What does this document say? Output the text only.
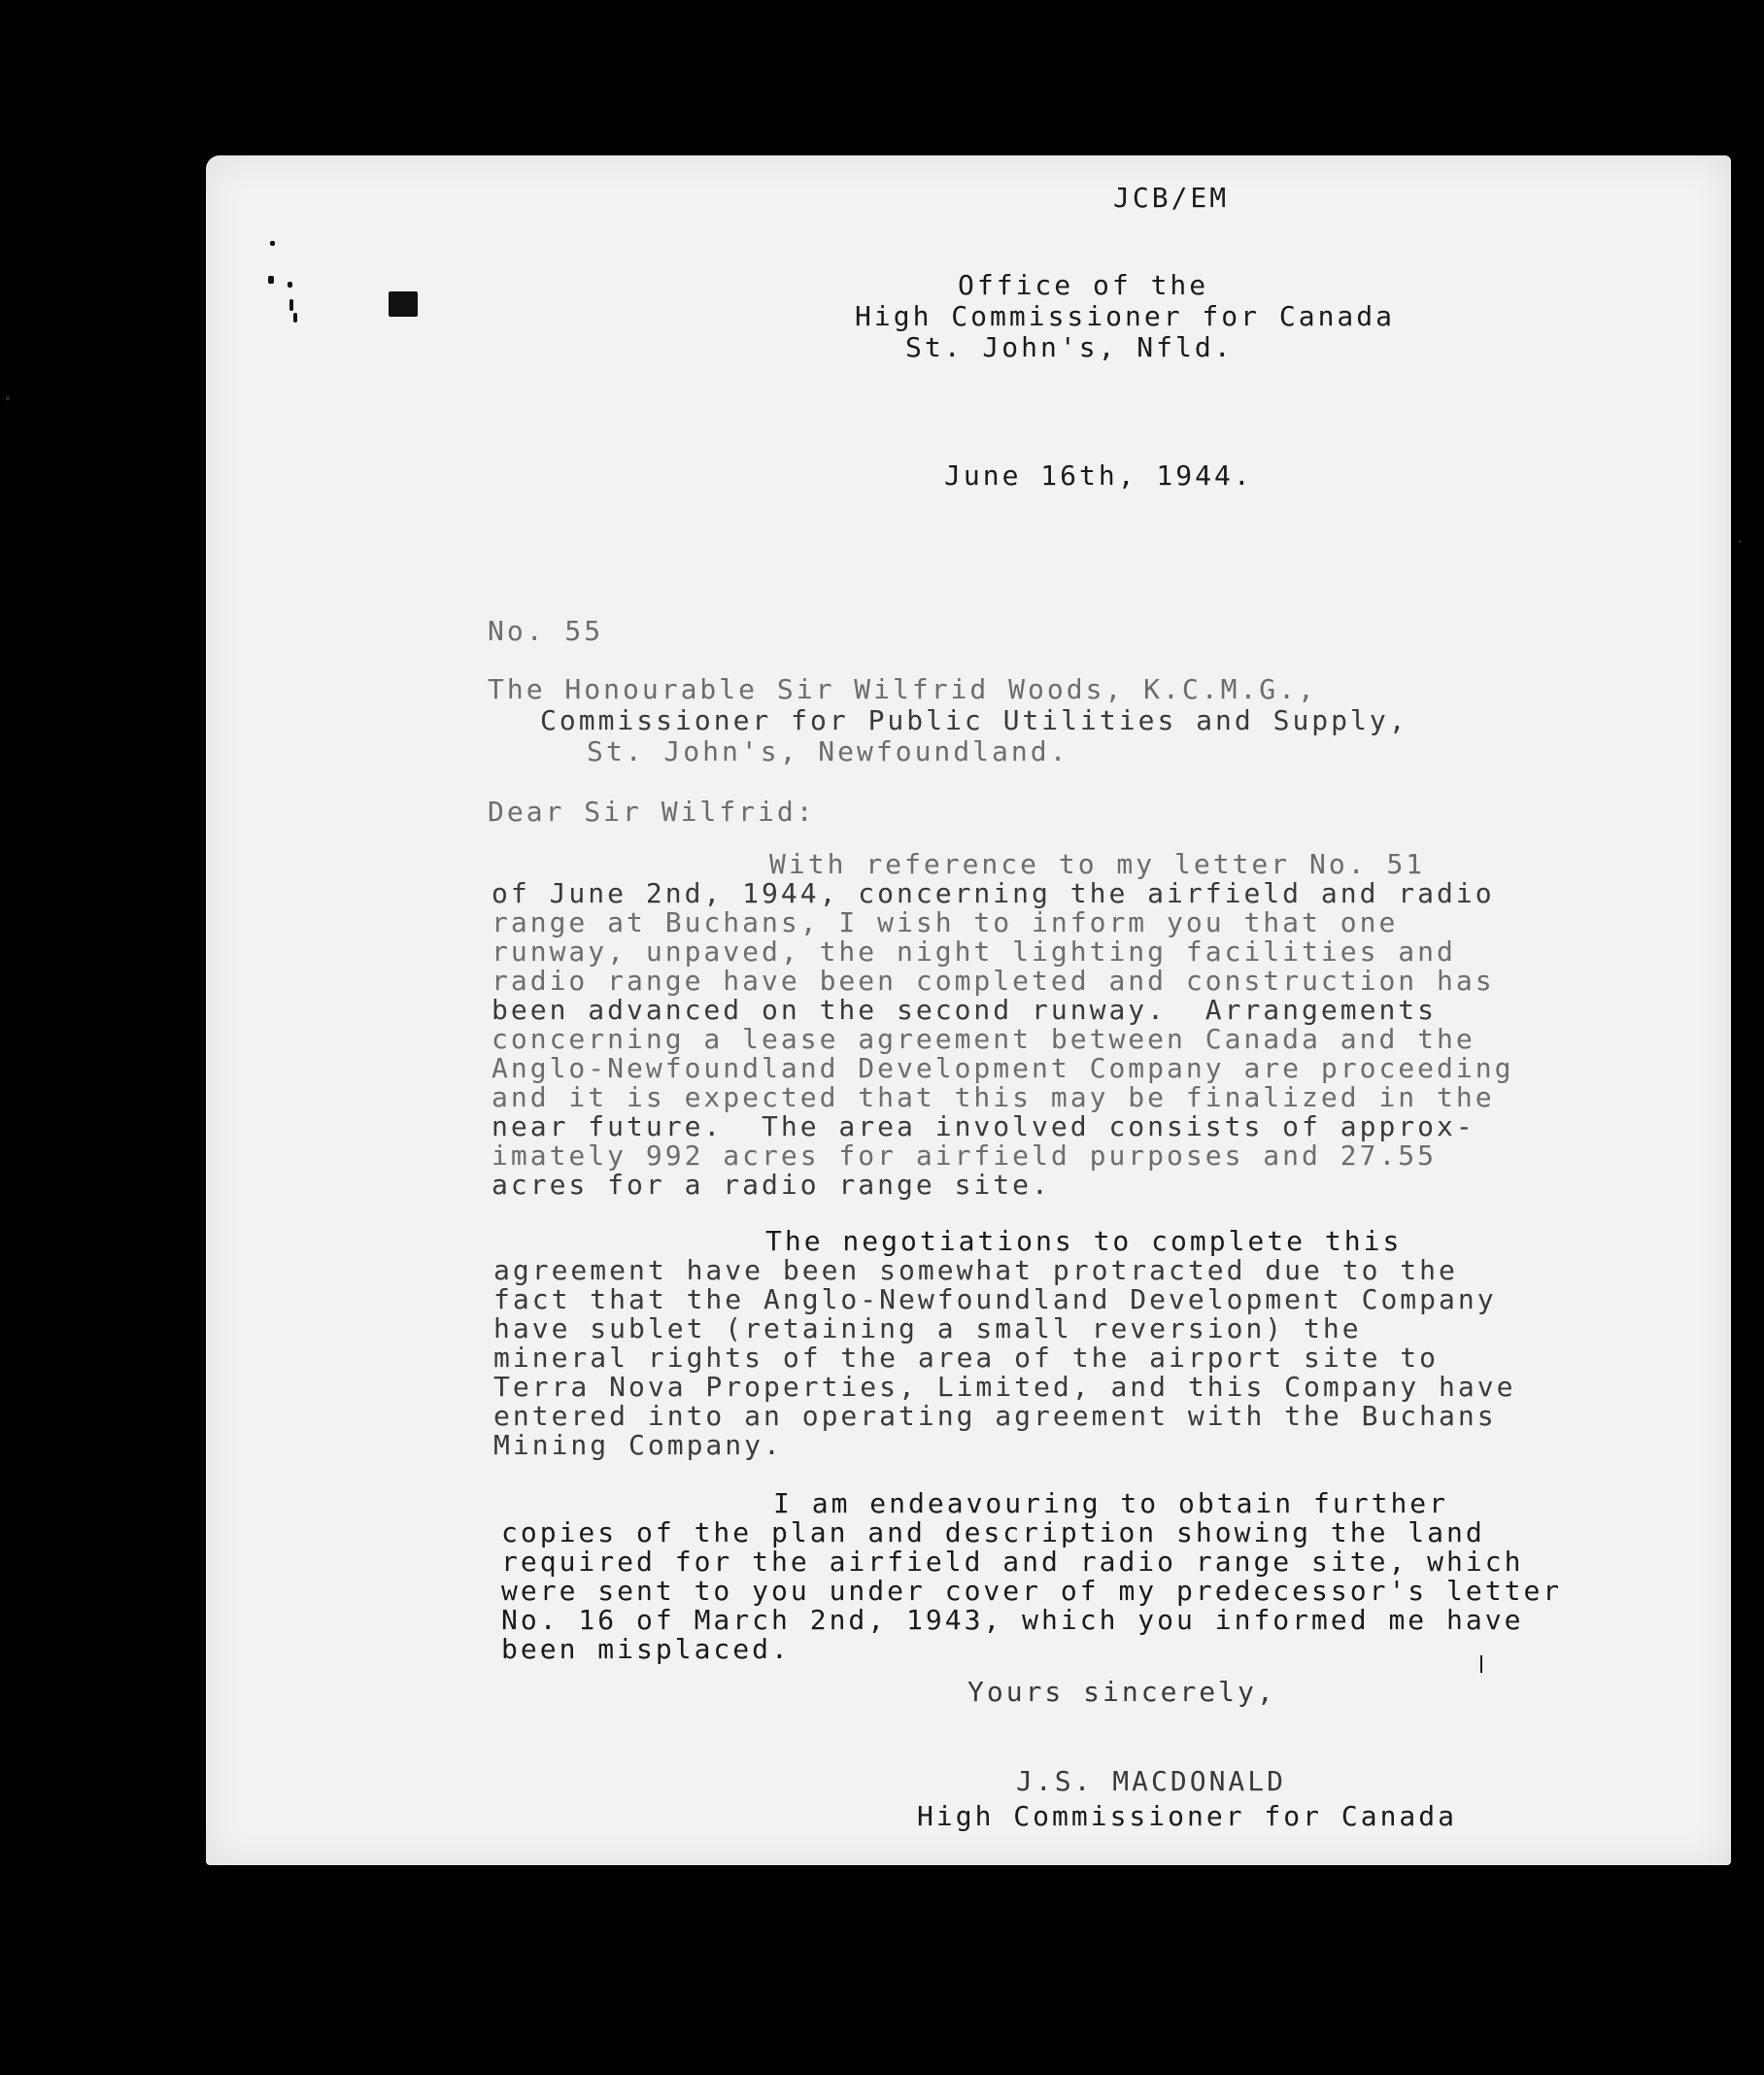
JCB/EM
Office of the
High Commissioner for Canada
St. John's, Nfld.
June 16th, 1944.
No. 55
The Honourable Sir Wilfrid Woods, K.C.M.G.,
Commissioner for Public Utilities and Supply,
St. John's, Newfoundland.
Dear Sir Wilfrid:
With reference to my letter No. 51
of June 2nd, 1944, concerning the airfield and radio
range at Buchans, I wish to inform you that one
runway, unpaved, the night lighting facilities and
radio range have been completed and construction has
been advanced on the second runway.  Arrangements
concerning a lease agreement between Canada and the
Anglo-Newfoundland Development Company are proceeding
and it is expected that this may be finalized in the
near future.  The area involved consists of approx-
imately 992 acres for airfield purposes and 27.55
acres for a radio range site.
The negotiations to complete this
agreement have been somewhat protracted due to the
fact that the Anglo-Newfoundland Development Company
have sublet (retaining a small reversion) the
mineral rights of the area of the airport site to
Terra Nova Properties, Limited, and this Company have
entered into an operating agreement with the Buchans
Mining Company.
I am endeavouring to obtain further
copies of the plan and description showing the land
required for the airfield and radio range site, which
were sent to you under cover of my predecessor's letter
No. 16 of March 2nd, 1943, which you informed me have
been misplaced.
Yours sincerely,
J.S. MACDONALD
High Commissioner for Canada
